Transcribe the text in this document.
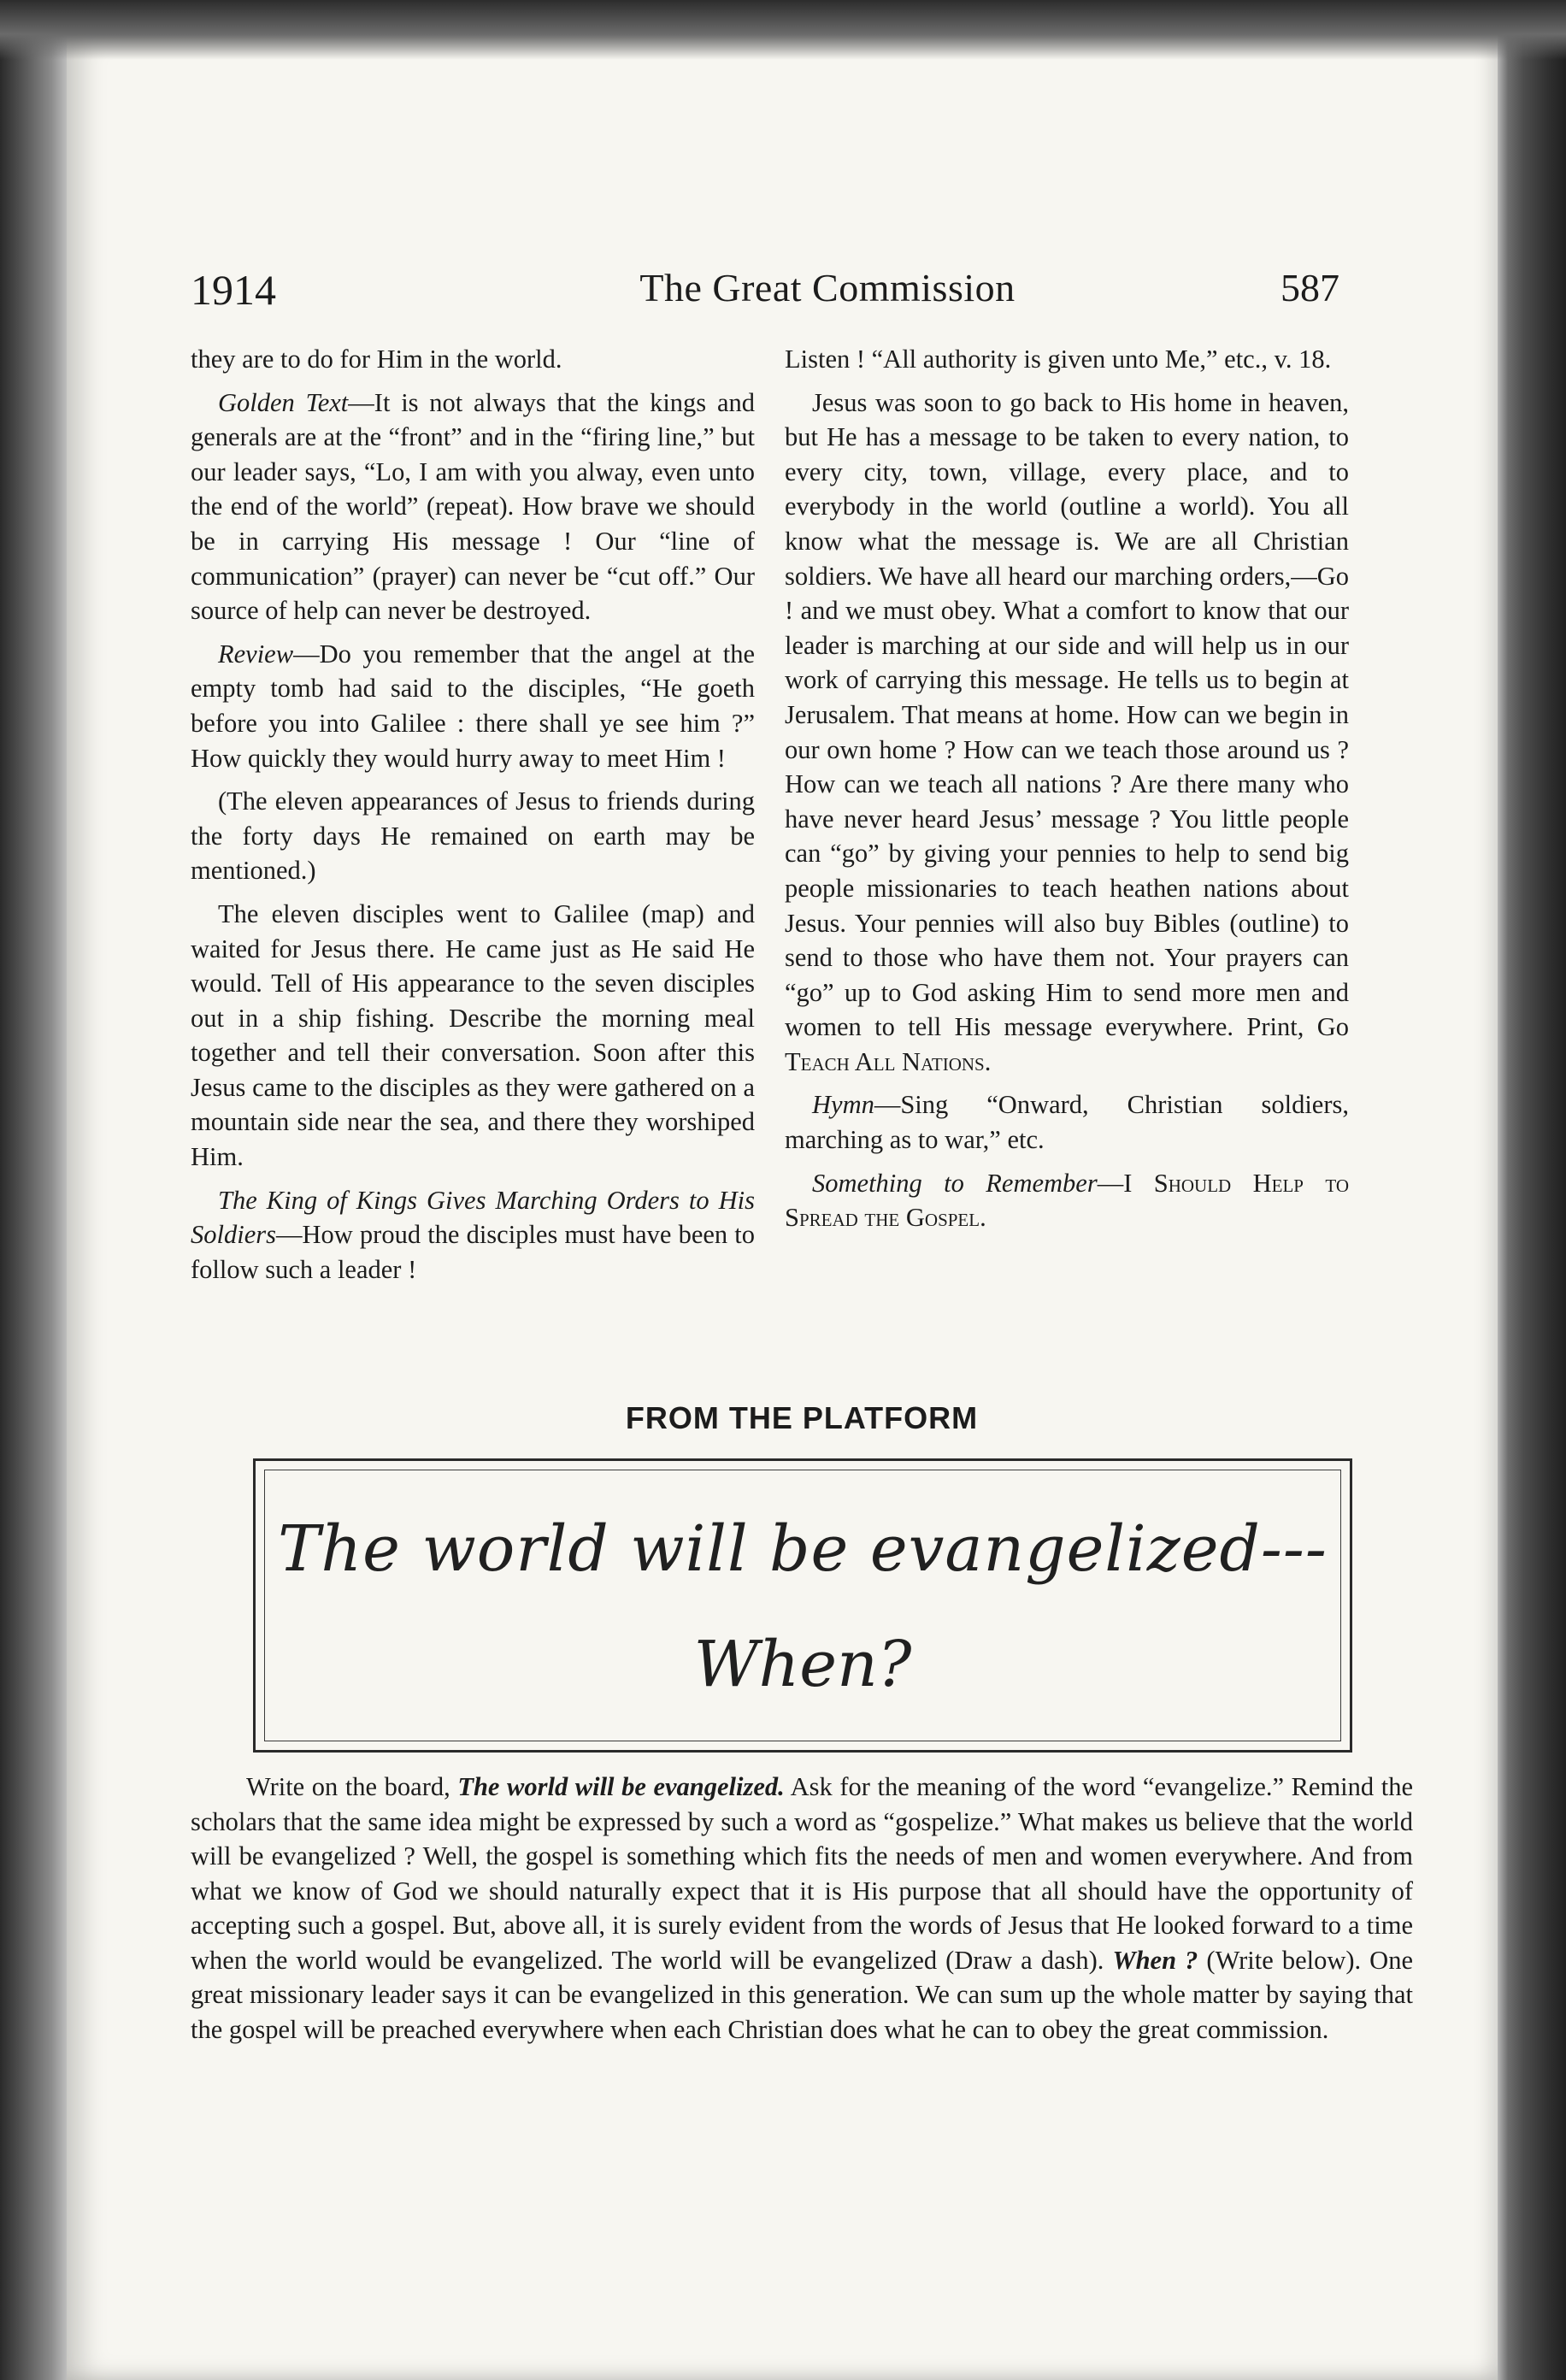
1914	The Great Commission	587

they are to do for Him in the world.

Golden Text—It is not always that the kings and generals are at the “front” and in the “firing line,” but our leader says, “Lo, I am with you alway, even unto the end of the world” (repeat). How brave we should be in carrying His message ! Our “line of communication” (prayer) can never be “cut off.” Our source of help can never be destroyed.

Review—Do you remember that the angel at the empty tomb had said to the disciples, “He goeth before you into Galilee : there shall ye see him ?” How quickly they would hurry away to meet Him !

(The eleven appearances of Jesus to friends during the forty days He remained on earth may be mentioned.)

The eleven disciples went to Galilee (map) and waited for Jesus there. He came just as He said He would. Tell of His appearance to the seven disciples out in a ship fishing. Describe the morning meal together and tell their conversation. Soon after this Jesus came to the disciples as they were gathered on a mountain side near the sea, and there they worshiped Him.

The King of Kings Gives Marching Orders to His Soldiers—How proud the disciples must have been to follow such a leader !

Listen ! “All authority is given unto Me,” etc., v. 18.

Jesus was soon to go back to His home in heaven, but He has a message to be taken to every nation, to every city, town, village, every place, and to everybody in the world (outline a world). You all know what the message is. We are all Christian soldiers. We have all heard our marching orders,—Go ! and we must obey. What a comfort to know that our leader is marching at our side and will help us in our work of carrying this message. He tells us to begin at Jerusalem. That means at home. How can we begin in our own home ? How can we teach those around us ? How can we teach all nations ? Are there many who have never heard Jesus’ message ? You little people can “go” by giving your pennies to help to send big people missionaries to teach heathen nations about Jesus. Your pennies will also buy Bibles (outline) to send to those who have them not. Your prayers can “go” up to God asking Him to send more men and women to tell His message everywhere. Print, Go Teach All Nations.

Hymn—Sing “Onward, Christian soldiers, marching as to war,” etc.

Something to Remember—I Should Help to Spread the Gospel.

FROM THE PLATFORM
The world will be evangelized---
When?

Write on the board, The world will be evangelized. Ask for the meaning of the word “evangelize.” Remind the scholars that the same idea might be expressed by such a word as “gospelize.” What makes us believe that the world will be evangelized ? Well, the gospel is something which fits the needs of men and women everywhere. And from what we know of God we should naturally expect that it is His purpose that all should have the opportunity of accepting such a gospel. But, above all, it is surely evident from the words of Jesus that He looked forward to a time when the world would be evangelized. The world will be evangelized (Draw a dash). When ? (Write below). One great missionary leader says it can be evangelized in this generation. We can sum up the whole matter by saying that the gospel will be preached everywhere when each Christian does what he can to obey the great commission.
